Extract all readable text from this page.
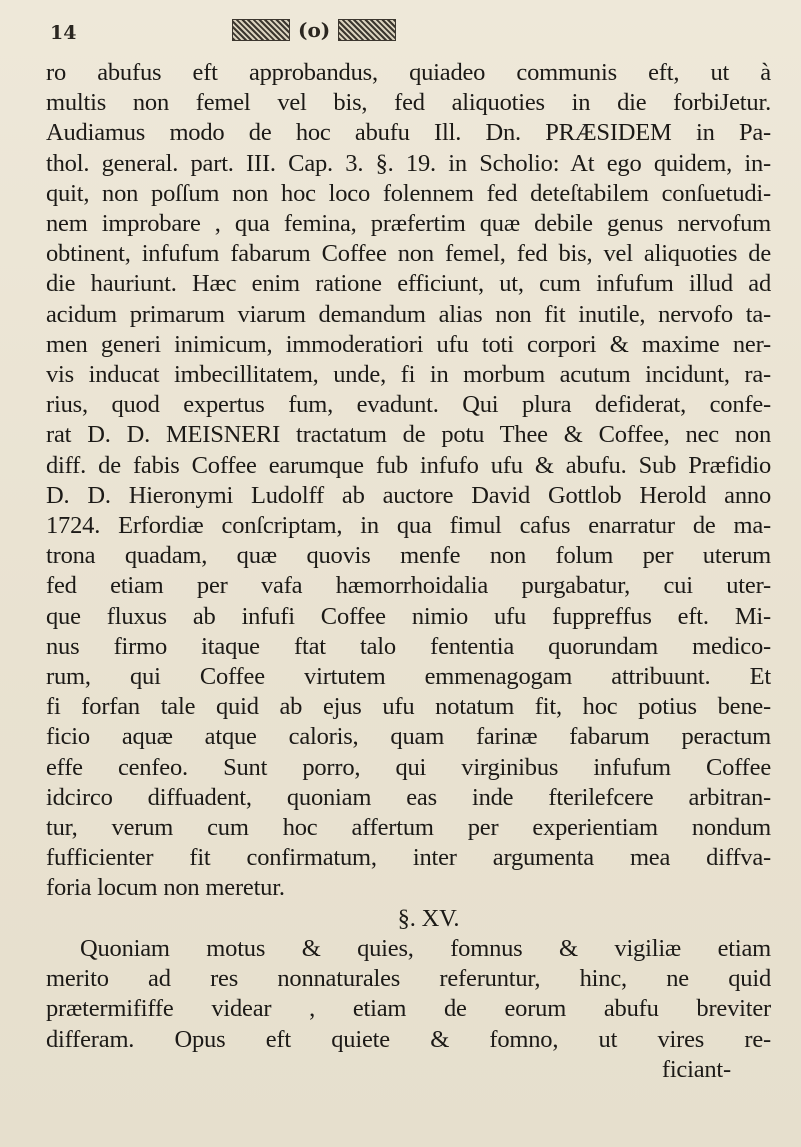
14	(o)
ro abufus eft approbandus, quiadeo communis eft, ut à
multis non femel vel bis, fed aliquoties in die forbiJetur.
Audiamus modo de hoc abufu Ill. Dn. PRÆSIDEM in Pa-
thol. general. part. III. Cap. 3. §. 19. in Scholio: At ego quidem, in-
quit, non poſſum non hoc loco folennem fed deteſtabilem conſuetudi-
nem improbare , qua femina, præfertim quæ debile genus nervofum
obtinent, infufum fabarum Coffee non femel, fed bis, vel aliquoties de
die hauriunt. Hæc enim ratione efficiunt, ut, cum infufum illud ad
acidum primarum viarum demandum alias non fit inutile, nervofo ta-
men generi inimicum, immoderatiori ufu toti corpori & maxime ner-
vis inducat imbecillitatem, unde, fi in morbum acutum incidunt, ra-
rius, quod expertus fum, evadunt. Qui plura defiderat, confe-
rat D. D. MEISNERI tractatum de potu Thee & Coffee, nec non
diff. de fabis Coffee earumque fub infufo ufu & abufu. Sub Præfidio
D. D. Hieronymi Ludolff ab auctore David Gottlob Herold anno
1724. Erfordiæ conſcriptam, in qua fimul cafus enarratur de ma-
trona quadam, quæ quovis menfe non folum per uterum
fed etiam per vafa hæmorrhoidalia purgabatur, cui uter-
que fluxus ab infufi Coffee nimio ufu fuppreffus eft. Mi-
nus firmo itaque ftat talo fententia quorundam medico-
rum, qui Coffee virtutem emmenagogam attribuunt. Et
fi forfan tale quid ab ejus ufu notatum fit, hoc potius bene-
ficio aquæ atque caloris, quam farinæ fabarum peractum
effe cenfeo. Sunt porro, qui virginibus infufum Coffee
idcirco diffuadent, quoniam eas inde fterilefcere arbitran-
tur, verum cum hoc affertum per experientiam nondum
fufficienter fit confirmatum, inter argumenta mea diffva-
foria locum non meretur.
§. XV.
Quoniam motus & quies, fomnus & vigiliæ etiam
merito ad res nonnaturales referuntur, hinc, ne quid
prætermififfe videar , etiam de eorum abufu breviter
differam. Opus eft quiete & fomno, ut vires re-
ficiant-
